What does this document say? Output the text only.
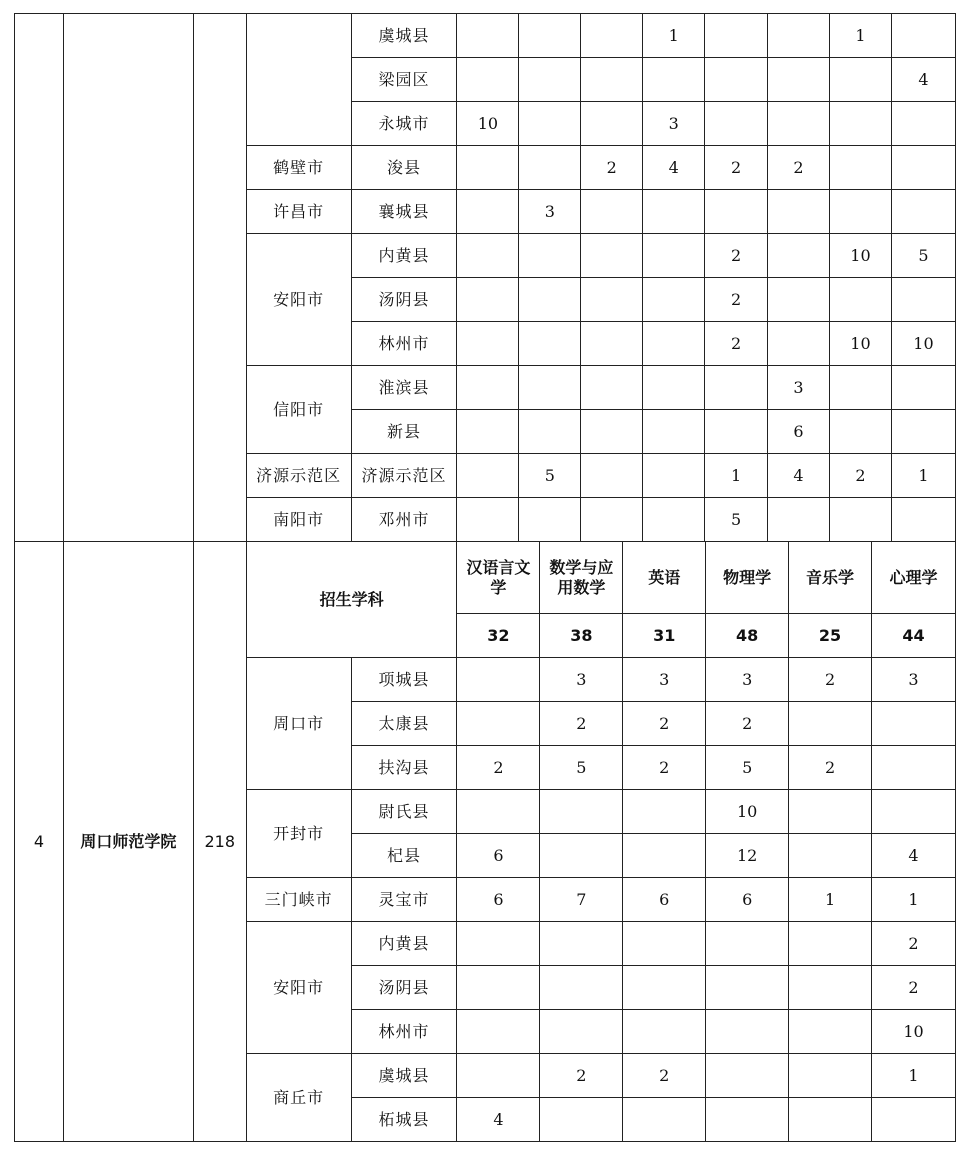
				虞城县				1			1	
				梁园区								4
				永城市	10			3				
			鹤壁市	浚县			2	4	2	2		
			许昌市	襄城县		3						
			安阳市	内黄县					2		10	5
				汤阴县					2			
				林州市					2		10	10
			信阳市	淮滨县						3		
				新县						6		
			济源示范区	济源示范区		5			1	4	2	1
			南阳市	邓州市					5			
4	周口师范学院	218	招生学科		汉语言文学	数学与应用数学	英语	物理学	音乐学	心理学
					32	38	31	48	25	44
			周口市	项城县		3	3	3	2	3
				太康县		2	2	2		
				扶沟县	2	5	2	5	2	
			开封市	尉氏县				10		
				杞县	6			12		4
			三门峡市	灵宝市	6	7	6	6	1	1
			安阳市	内黄县						2
				汤阴县						2
				林州市						10
			商丘市	虞城县		2	2			1
				柘城县	4					
